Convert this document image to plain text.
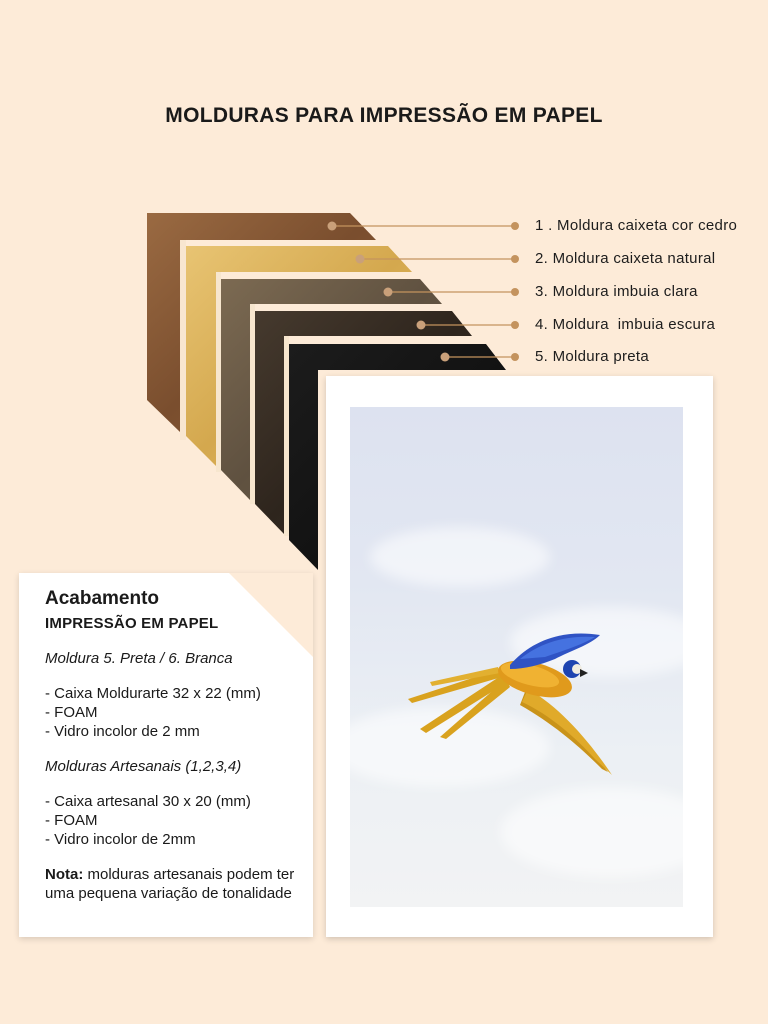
MOLDURAS PARA IMPRESSÃO EM PAPEL
1 . Moldura caixeta cor cedro
2. Moldura caixeta natural
3. Moldura imbuia clara
4. Moldura  imbuia escura
5. Moldura preta
Acabamento
IMPRESSÃO EM PAPEL
Moldura 5. Preta / 6. Branca
- Caixa Moldurarte 32 x 22 (mm)
- FOAM
- Vidro incolor de 2 mm
Molduras Artesanais (1,2,3,4)
- Caixa artesanal 30 x 20 (mm)
- FOAM
- Vidro incolor de 2mm
Nota: molduras artesanais podem ter uma pequena variação de tonalidade
